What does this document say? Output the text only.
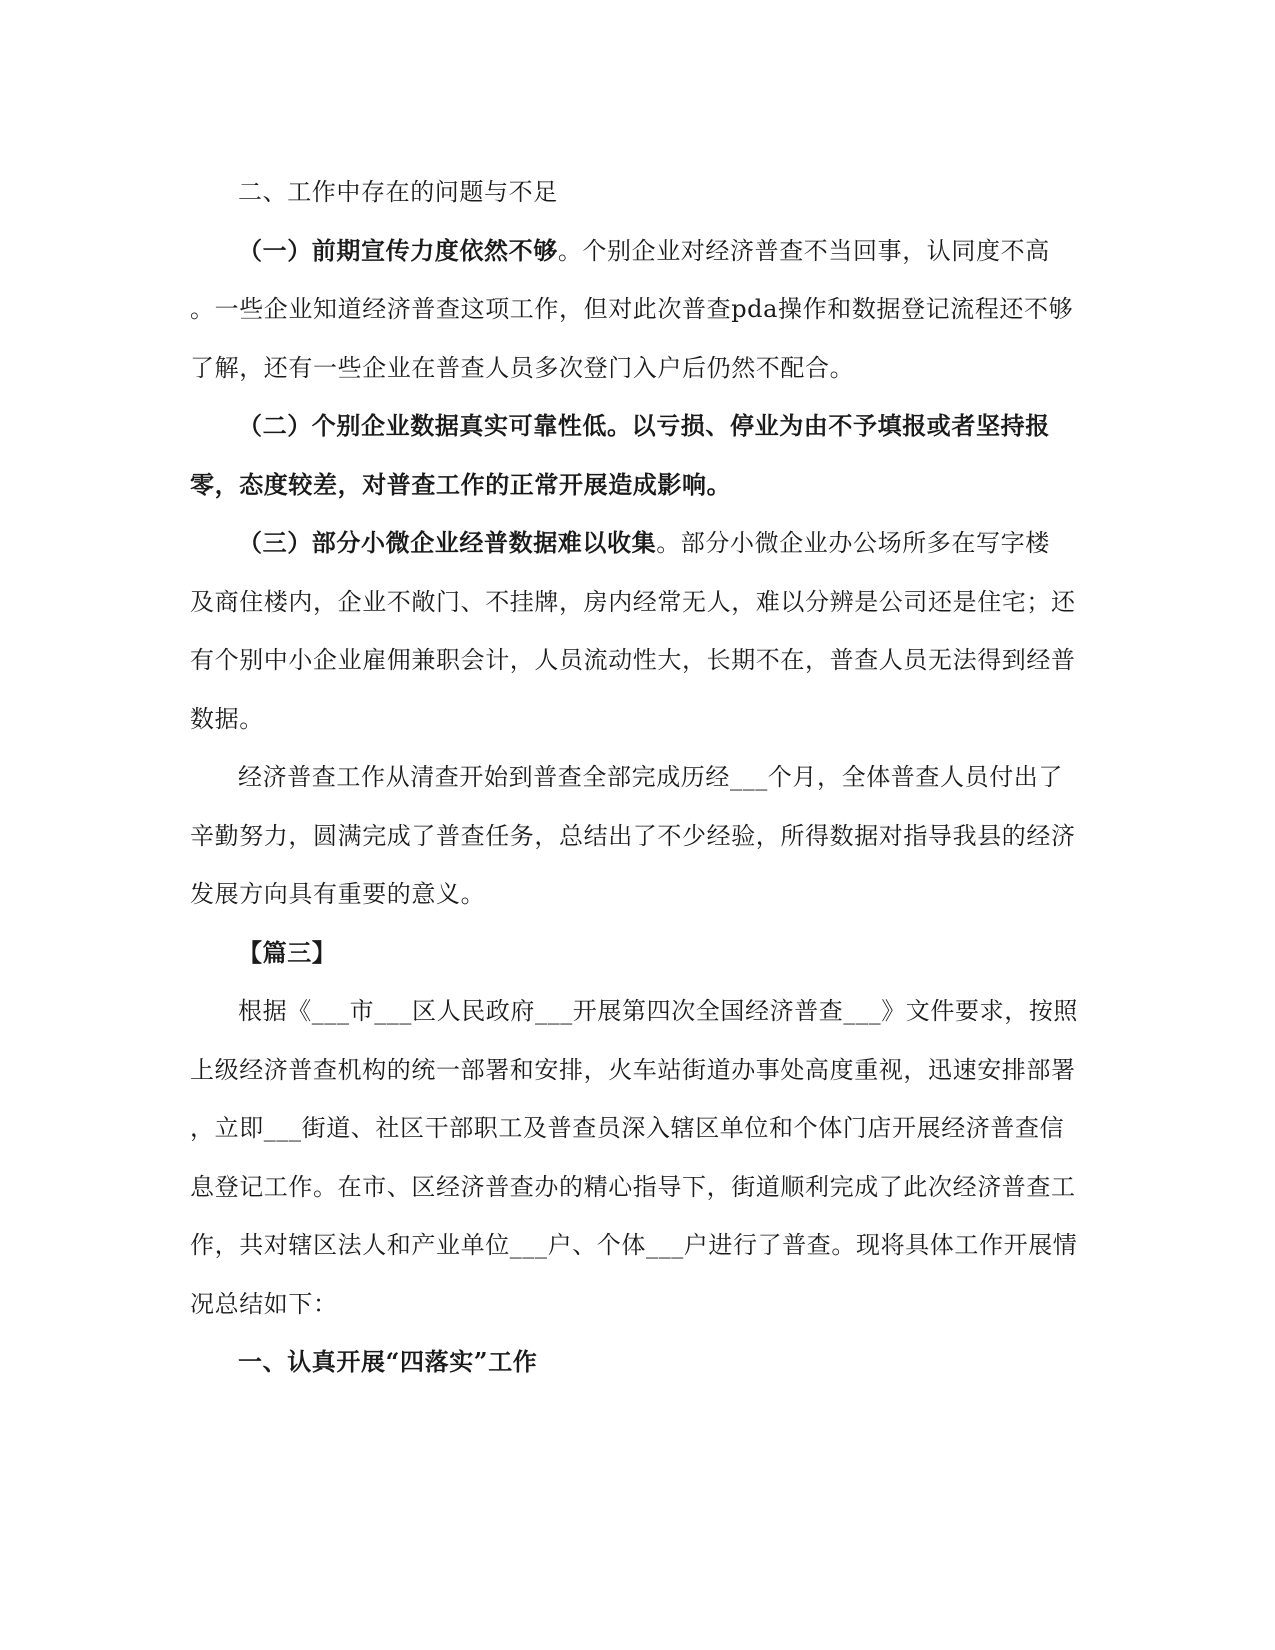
二、工作中存在的问题与不足
（一）前期宣传力度依然不够。个别企业对经济普查不当回事，认同度不高
。一些企业知道经济普查这项工作，但对此次普查pda操作和数据登记流程还不够
了解，还有一些企业在普查人员多次登门入户后仍然不配合。
（二）个别企业数据真实可靠性低。以亏损、停业为由不予填报或者坚持报
零，态度较差，对普查工作的正常开展造成影响。
（三）部分小微企业经普数据难以收集。部分小微企业办公场所多在写字楼
及商住楼内，企业不敞门、不挂牌，房内经常无人，难以分辨是公司还是住宅；还
有个别中小企业雇佣兼职会计，人员流动性大，长期不在，普查人员无法得到经普
数据。
经济普查工作从清查开始到普查全部完成历经___个月，全体普查人员付出了
辛勤努力，圆满完成了普查任务，总结出了不少经验，所得数据对指导我县的经济
发展方向具有重要的意义。
【篇三】
根据《___市___区人民政府___开展第四次全国经济普查___》文件要求，按照
上级经济普查机构的统一部署和安排，火车站街道办事处高度重视，迅速安排部署
，立即___街道、社区干部职工及普查员深入辖区单位和个体门店开展经济普查信
息登记工作。在市、区经济普查办的精心指导下，街道顺利完成了此次经济普查工
作，共对辖区法人和产业单位___户、个体___户进行了普查。现将具体工作开展情
况总结如下：
一、认真开展“四落实”工作
